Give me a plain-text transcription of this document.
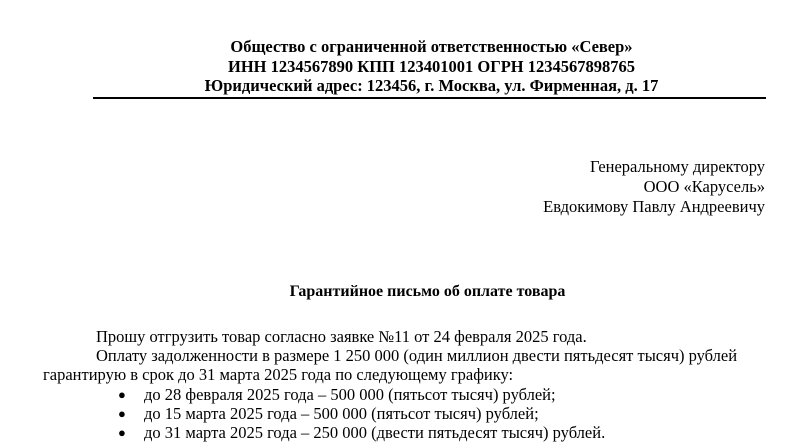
Общество с ограниченной ответственностью «Север»
ИНН 1234567890 КПП 123401001 ОГРН 1234567898765
Юридический адрес: 123456, г. Москва, ул. Фирменная, д. 17
Генеральному директору
ООО «Карусель»
Евдокимову Павлу Андреевичу
Гарантийное письмо об оплате товара

Прошу отгрузить товар согласно заявке №11 от 24 февраля 2025 года.

Оплату задолженности в размере 1 250 000 (один миллион двести пятьдесят тысяч) рублей

гарантирую в срок до 31 марта 2025 года по следующему графику:

● до 28 февраля 2025 года – 500 000 (пятьсот тысяч) рублей;
● до 15 марта 2025 года – 500 000 (пятьсот тысяч) рублей;
● до 31 марта 2025 года – 250 000 (двести пятьдесят тысяч) рублей.
